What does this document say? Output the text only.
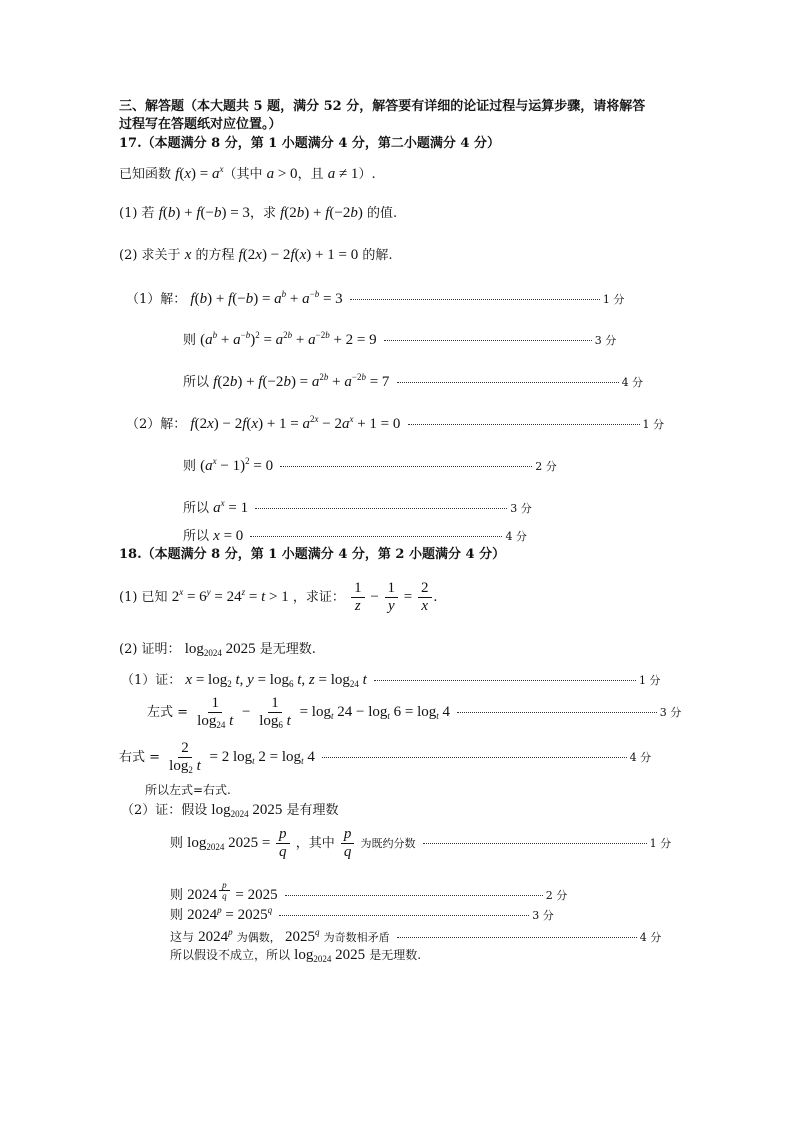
三、解答题（本大题共 5 题，满分 52 分，解答要有详细的论证过程与运算步骤，请将解答
过程写在答题纸对应位置。）
17.（本题满分 8 分，第 1 小题满分 4 分，第二小题满分 4 分）
已知函数 $f(x) = a^x$（其中 a > 0，且 a ≠ 1）.
(1) 若 f(b) + f(−b) = 3，求 f(2b) + f(−2b) 的值.
(2) 求关于 x 的方程 f(2x) − 2f(x) + 1 = 0 的解.
（1）解： $f(b) + f(-b) = a^b + a^{-b} = 3$	1 分
则 $(a^b + a^{-b})^2 = a^{2b} + a^{-2b} + 2 = 9$	3 分
所以 $f(2b) + f(-2b) = a^{2b} + a^{-2b} = 7$	4 分
（2）解： $f(2x) - 2f(x) + 1 = a^{2x} - 2a^x + 1 = 0$	1 分
则 $(a^x - 1)^2 = 0$	2 分
所以 $a^x = 1$	3 分
所以 x = 0	4 分
18.（本题满分 8 分，第 1 小题满分 4 分，第 2 小题满分 4 分）
(1) 已知 $2^x = 6^y = 24^z = t > 1$ ，求证： $\frac{1}{z} - \frac{1}{y} = \frac{2}{x}$ .
(2) 证明： $\log_{2024} 2025$ 是无理数.
（1）证： $x = \log_2 t$, $y = \log_6 t$, $z = \log_{24} t$	1 分
左式 = $\frac{1}{\log_{24} t} - \frac{1}{\log_6 t} = \log_t 24 - \log_t 6 = \log_t 4$	3 分
右式 = $\frac{2}{\log_2 t} = 2$ $\log_t 2 = \log_t 4$	4 分
所以左式=右式.
（2）证：假设 $\log_{2024} 2025$ 是有理数
则 $\log_{2024} 2025 = \frac{p}{q}$ ，其中 $\frac{p}{q}$ 为既约分数	1 分
则 2024 $^{\frac{p}{q}}$ = 2025	2 分
则 $2024^p = 2025^q$	3 分
这与 2024$^p$ 为偶数， 2025$^q$ 为奇数相矛盾	4 分
所以假设不成立，所以 $\log_{2024} 2025$ 是无理数.
